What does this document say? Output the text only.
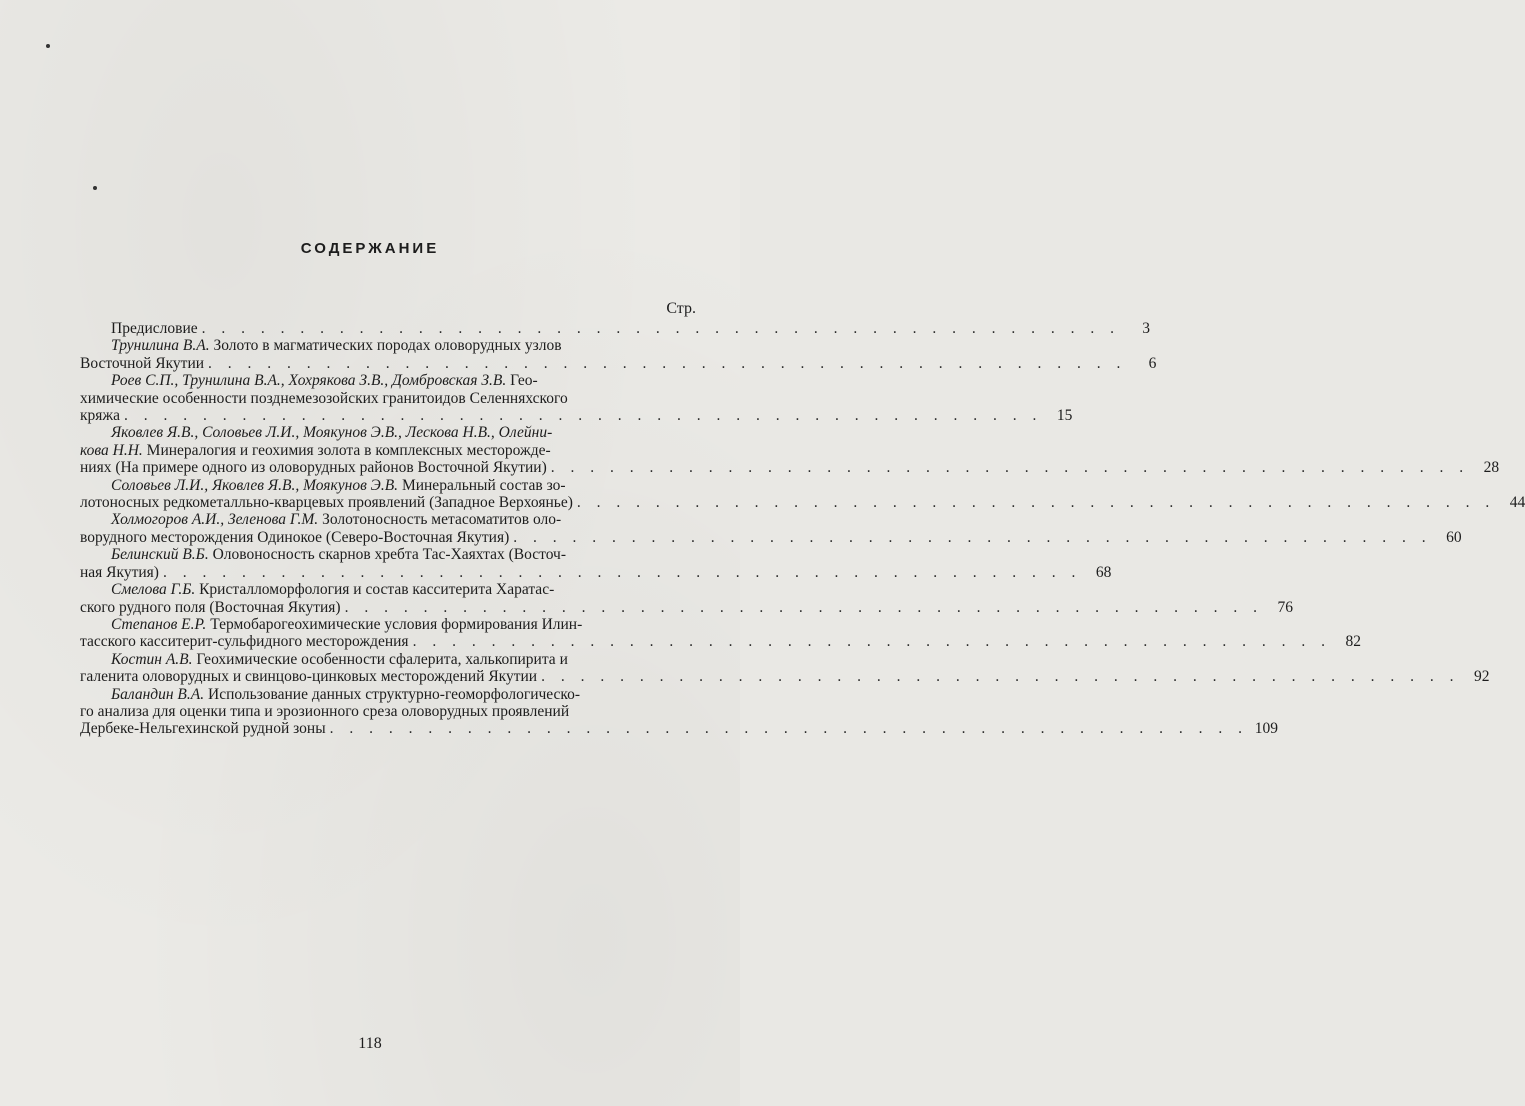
СОДЕРЖАНИЕ
Стр.
Предисловие . . . . . . . . . . . . . . . . . . . . . . . . . . . . . . . . . . . . . . . . . . . . . . .	3
Трунилина В.А. Золото в магматических породах оловорудных узлов
Восточной Якутии . . . . . . . . . . . . . . . . . . . . . . . . . . . . . . . . . . . . . . . . . . . . . . .	6
Роев С.П., Трунилина В.А., Хохрякова З.В., Домбровская З.В. Гео-
химические особенности позднемезозойских гранитоидов Селенняхского
кряжа . . . . . . . . . . . . . . . . . . . . . . . . . . . . . . . . . . . . . . . . . . . . . . . 15
Яковлев Я.В., Соловьев Л.И., Моякунов Э.В., Лескова Н.В., Олейни-
кова Н.Н. Минералогия и геохимия золота в комплексных месторожде-
ниях (На примере одного из оловорудных районов Восточной Якутии) . . . . . . . . . . . . . . . . . . . . . . . . . . . . . . . . . . . . . . . . . . . . . . . 28
Соловьев Л.И., Яковлев Я.В., Моякунов Э.В. Минеральный состав зо-
лотоносных редкометалльно-кварцевых проявлений (Западное Верхоянье) . . . . . . . . . . . . . . . . . . . . . . . . . . . . . . . . . . . . . . . . . . . . . . . 44
Холмогоров А.И., Зеленова Г.М. Золотоносность метасоматитов оло-
ворудного месторождения Одинокое (Северо-Восточная Якутия) . . . . . . . . . . . . . . . . . . . . . . . . . . . . . . . . . . . . . . . . . . . . . . . 60
Белинский В.Б. Оловоносность скарнов хребта Тас-Хаяхтах (Восточ-
ная Якутия) . . . . . . . . . . . . . . . . . . . . . . . . . . . . . . . . . . . . . . . . . . . . . . . 68
Смелова Г.Б. Кристалломорфология и состав касситерита Харатас-
ского рудного поля (Восточная Якутия) . . . . . . . . . . . . . . . . . . . . . . . . . . . . . . . . . . . . . . . . . . . . . . . 76
Степанов Е.Р. Термобарогеохимические условия формирования Илин-
тасского касситерит-сульфидного месторождения . . . . . . . . . . . . . . . . . . . . . . . . . . . . . . . . . . . . . . . . . . . . . . . 82
Костин А.В. Геохимические особенности сфалерита, халькопирита и
галенита оловорудных и свинцово-цинковых месторождений Якутии . . . . . . . . . . . . . . . . . . . . . . . . . . . . . . . . . . . . . . . . . . . . . . . 92
Баландин В.А. Использование данных структурно-геоморфологическо-
го анализа для оценки типа и эрозионного среза оловорудных проявлений
Дербеке-Нельгехинской рудной зоны . . . . . . . . . . . . . . . . . . . . . . . . . . . . . . . . . . . . . . . . . . . . . . . 109
118
